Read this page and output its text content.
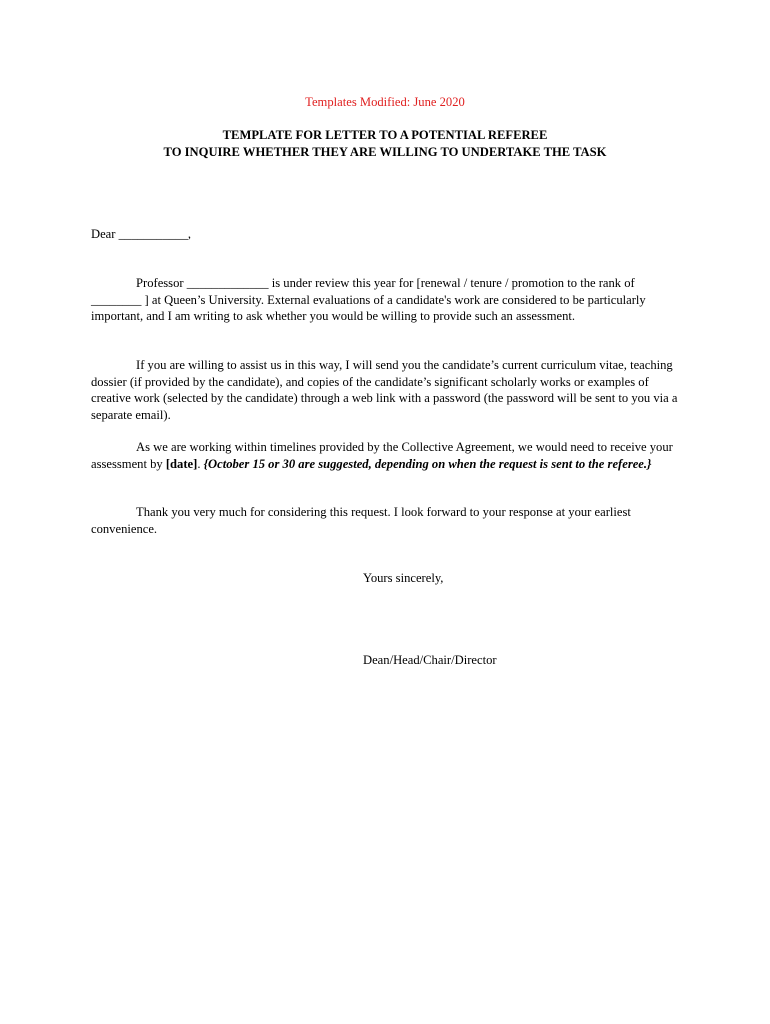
Templates Modified: June 2020
TEMPLATE FOR LETTER TO A POTENTIAL REFEREE
TO INQUIRE WHETHER THEY ARE WILLING TO UNDERTAKE THE TASK
Dear ___________,

Professor _____________ is under review this year for [renewal / tenure / promotion to the rank of ________ ] at Queen’s University. External evaluations of a candidate's work are considered to be particularly important, and I am writing to ask whether you would be willing to provide such an assessment.

If you are willing to assist us in this way, I will send you the candidate’s current curriculum vitae, teaching dossier (if provided by the candidate), and copies of the candidate’s significant scholarly works or examples of creative work (selected by the candidate) through a web link with a password (the password will be sent to you via a separate email).

As we are working within timelines provided by the Collective Agreement, we would need to receive your assessment by [date]. {October 15 or 30 are suggested, depending on when the request is sent to the referee.}

Thank you very much for considering this request. I look forward to your response at your earliest convenience.

Yours sincerely,
Dean/Head/Chair/Director
